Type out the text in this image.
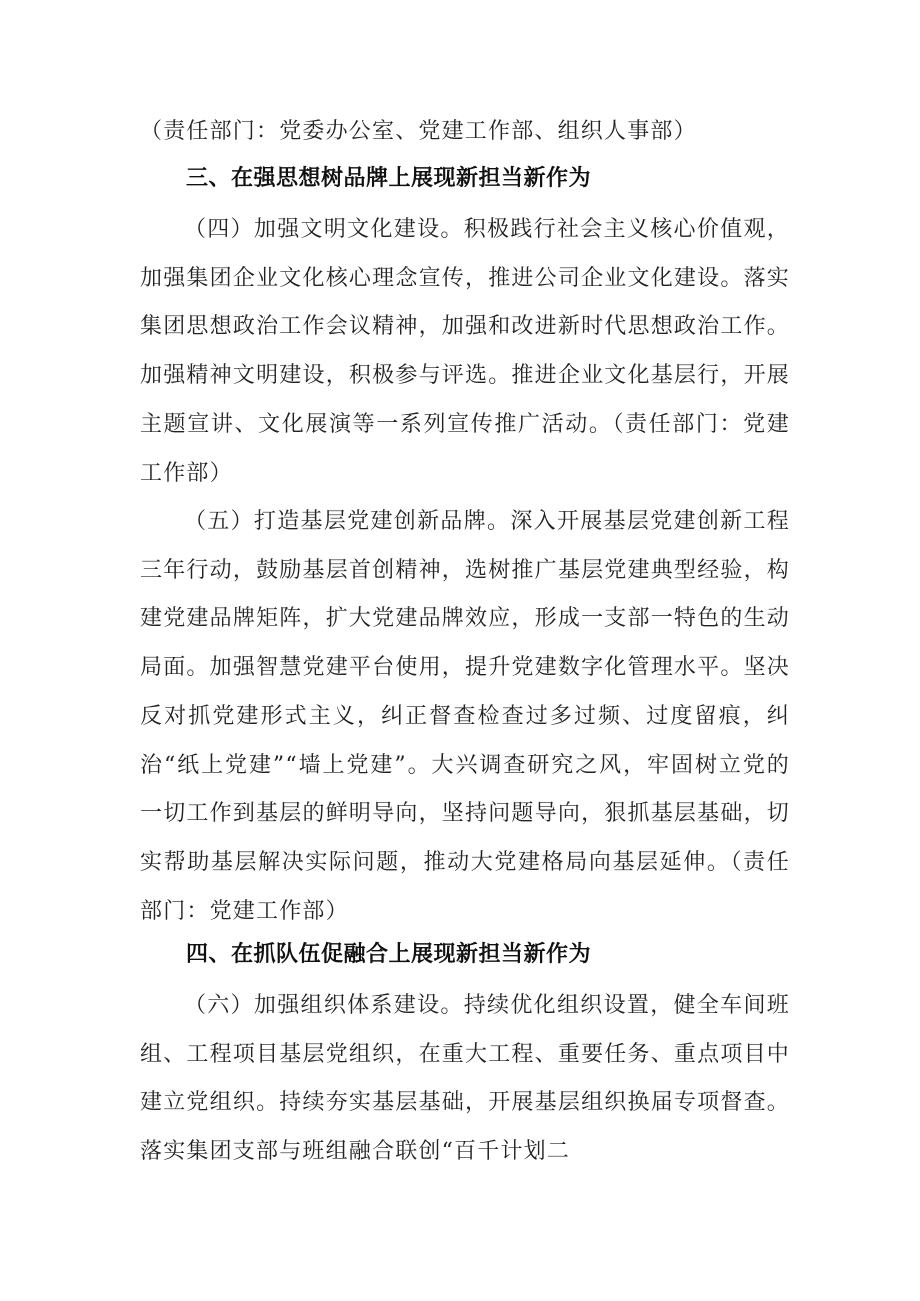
（责任部门：党委办公室、党建工作部、组织人事部）

三、在强思想树品牌上展现新担当新作为

（四）加强文明文化建设。积极践行社会主义核心价值观，加强集团企业文化核心理念宣传，推进公司企业文化建设。落实集团思想政治工作会议精神，加强和改进新时代思想政治工作。加强精神文明建设，积极参与评选。推进企业文化基层行，开展主题宣讲、文化展演等一系列宣传推广活动。（责任部门：党建工作部）

（五）打造基层党建创新品牌。深入开展基层党建创新工程三年行动，鼓励基层首创精神，选树推广基层党建典型经验，构建党建品牌矩阵，扩大党建品牌效应，形成一支部一特色的生动局面。加强智慧党建平台使用，提升党建数字化管理水平。坚决反对抓党建形式主义，纠正督查检查过多过频、过度留痕，纠治“纸上党建”“墙上党建”。大兴调查研究之风，牢固树立党的一切工作到基层的鲜明导向，坚持问题导向，狠抓基层基础，切实帮助基层解决实际问题，推动大党建格局向基层延伸。（责任部门：党建工作部）

四、在抓队伍促融合上展现新担当新作为

（六）加强组织体系建设。持续优化组织设置，健全车间班组、工程项目基层党组织，在重大工程、重要任务、重点项目中建立党组织。持续夯实基层基础，开展基层组织换届专项督查。落实集团支部与班组融合联创“百千计划二
